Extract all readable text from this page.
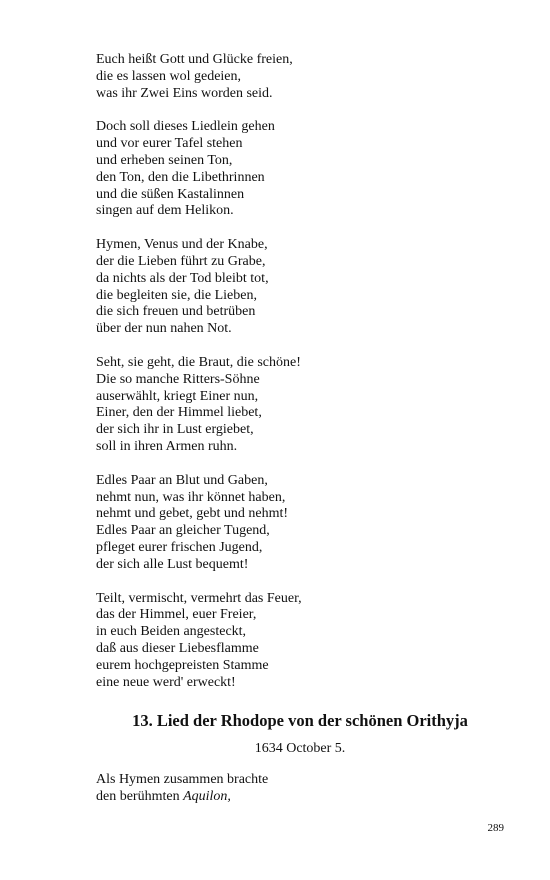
Euch heißt Gott und Glücke freien,
die es lassen wol gedeien,
was ihr Zwei Eins worden seid.
Doch soll dieses Liedlein gehen
und vor eurer Tafel stehen
und erheben seinen Ton,
den Ton, den die Libethrinnen
und die süßen Kastalinnen
singen auf dem Helikon.
Hymen, Venus und der Knabe,
der die Lieben führt zu Grabe,
da nichts als der Tod bleibt tot,
die begleiten sie, die Lieben,
die sich freuen und betrüben
über der nun nahen Not.
Seht, sie geht, die Braut, die schöne!
Die so manche Ritters-Söhne
auserwählt, kriegt Einer nun,
Einer, den der Himmel liebet,
der sich ihr in Lust ergiebet,
soll in ihren Armen ruhn.
Edles Paar an Blut und Gaben,
nehmt nun, was ihr könnet haben,
nehmt und gebet, gebt und nehmt!
Edles Paar an gleicher Tugend,
pfleget eurer frischen Jugend,
der sich alle Lust bequemt!
Teilt, vermischt, vermehrt das Feuer,
das der Himmel, euer Freier,
in euch Beiden angesteckt,
daß aus dieser Liebesflamme
eurem hochgepreisten Stamme
eine neue werd' erweckt!
13. Lied der Rhodope von der schönen Orithyja
1634 October 5.
Als Hymen zusammen brachte
den berühmten Aquilon,
289
